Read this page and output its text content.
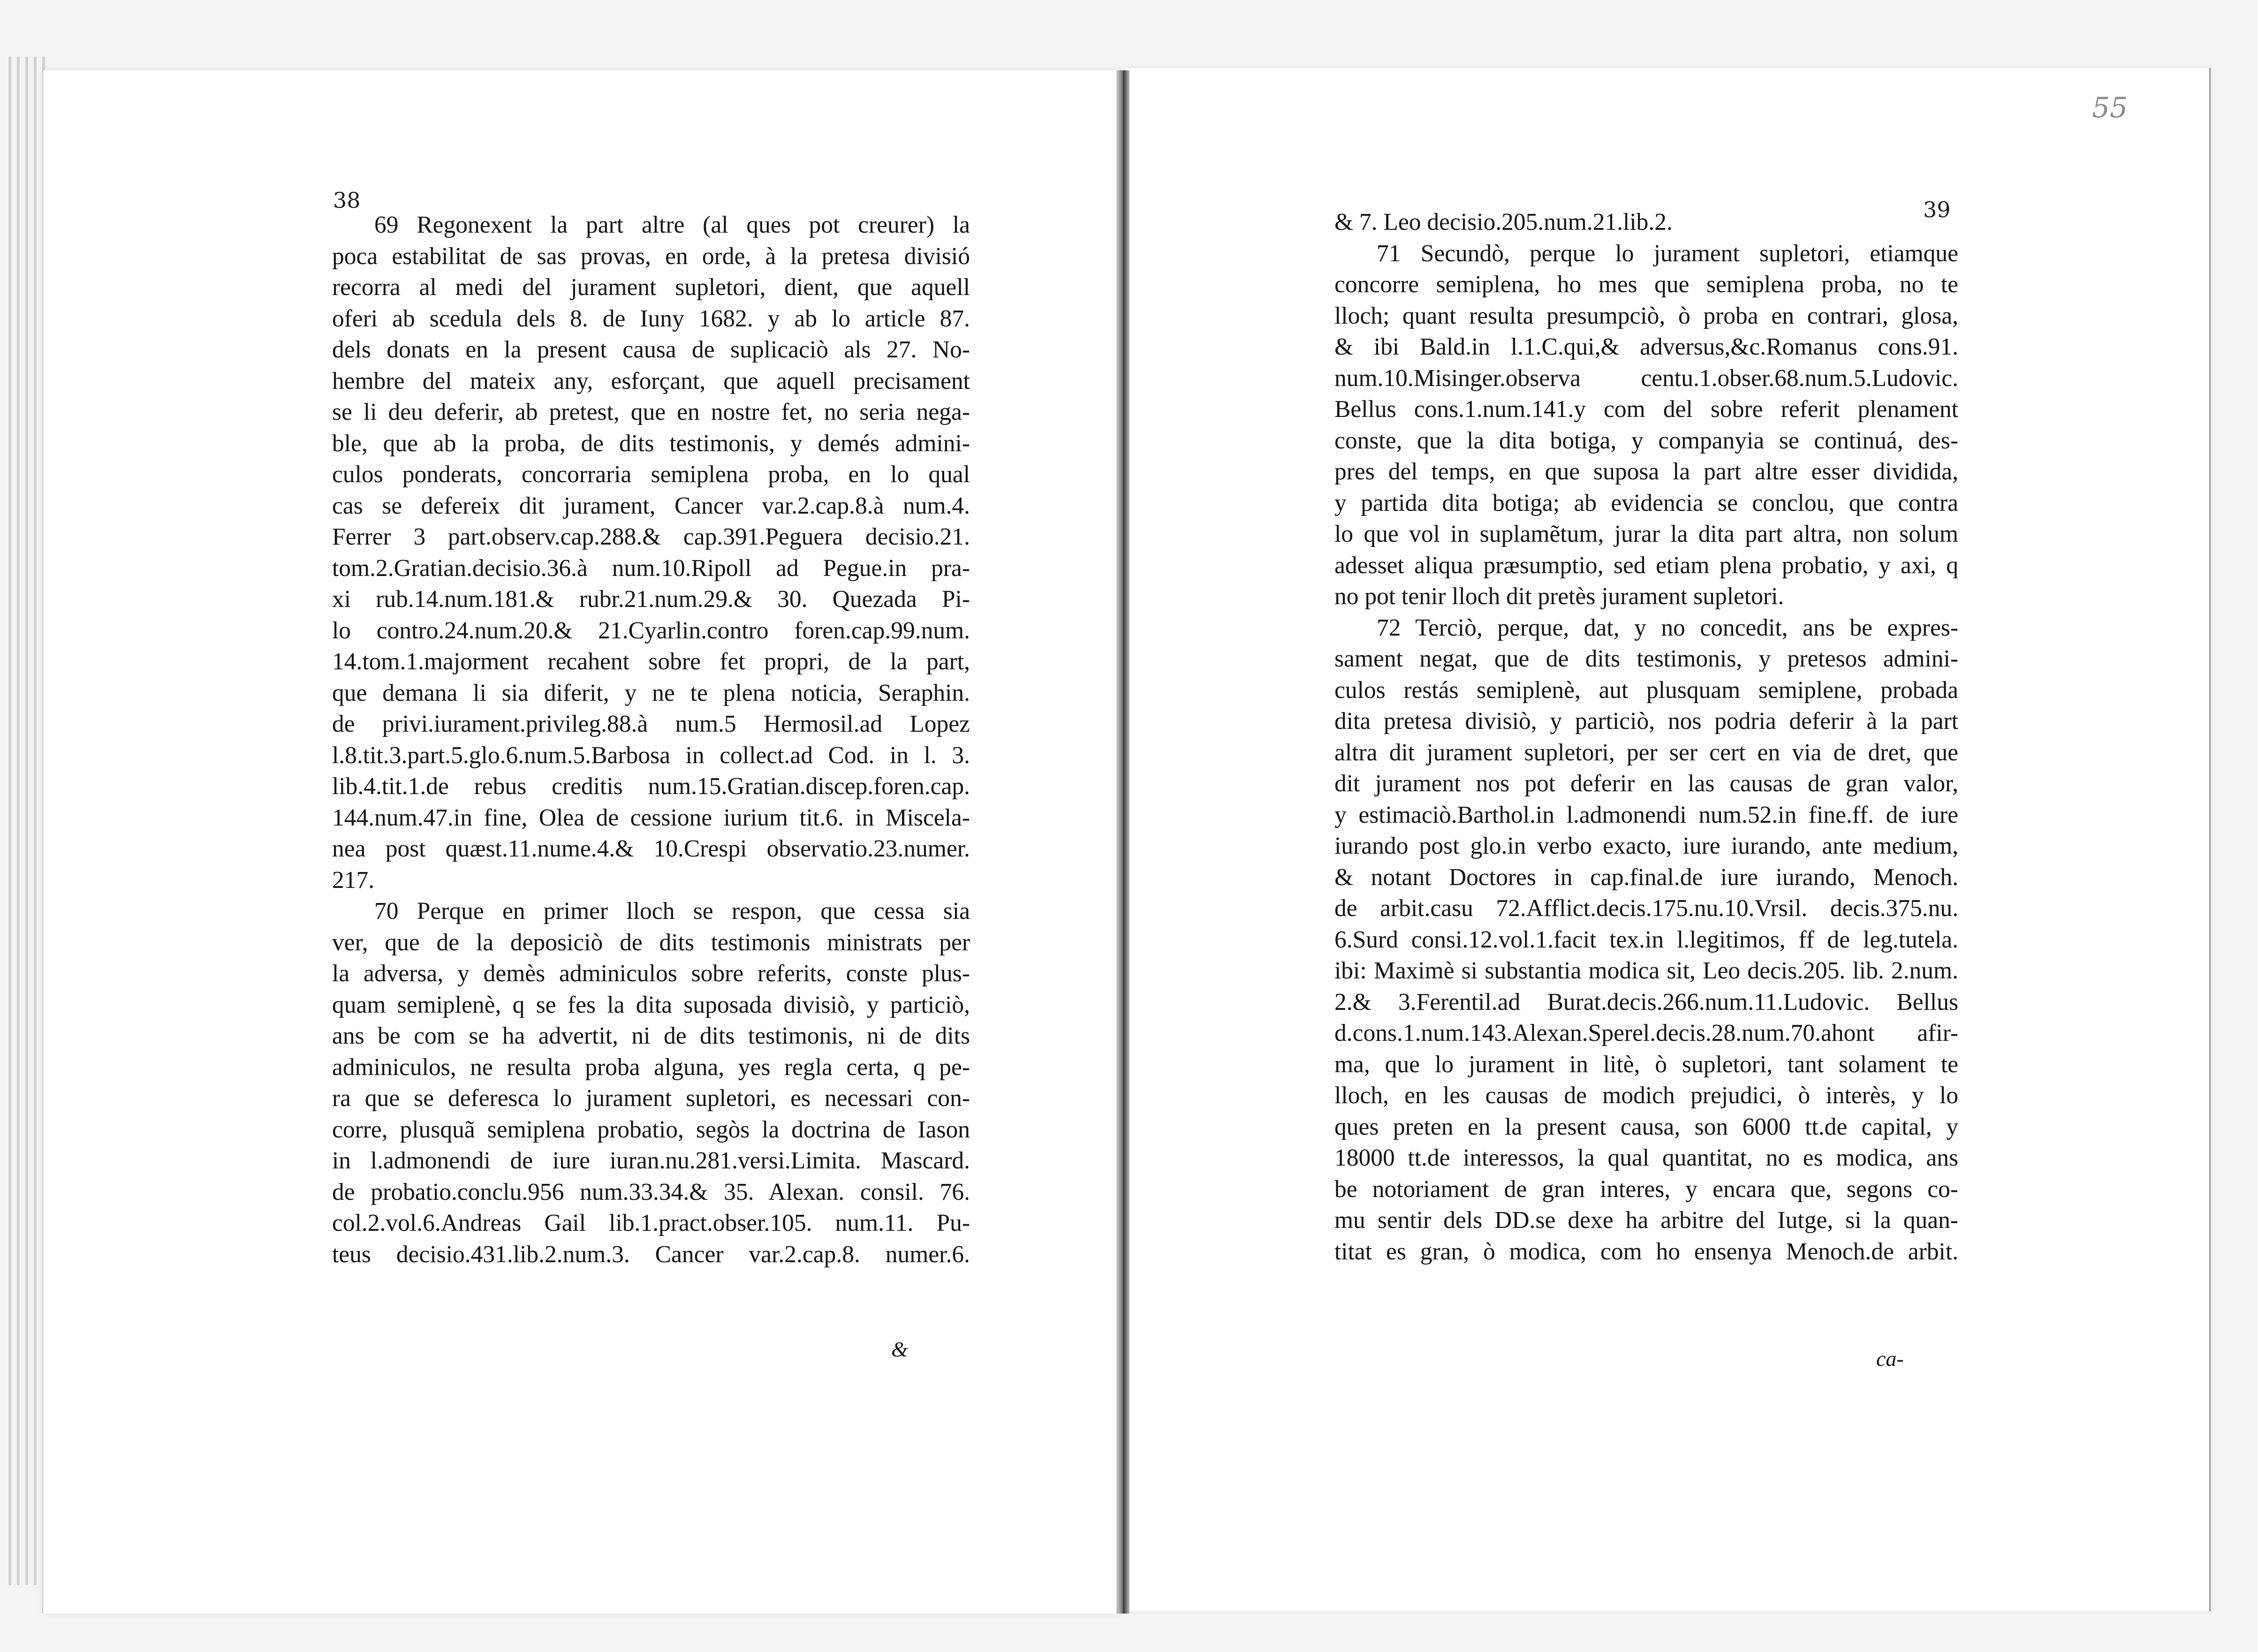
55
38	39
69 Regonexent la part altre (al ques pot creurer) la
poca estabilitat de sas provas, en orde, à la pretesa divisió
recorra al medi del jurament supletori, dient, que aquell
oferi ab scedula dels 8. de Iuny 1682. y ab lo article 87.
dels donats en la present causa de suplicaciò als 27. No-
hembre del mateix any, esforçant, que aquell precisament
se li deu deferir, ab pretest, que en nostre fet, no seria nega-
ble, que ab la proba, de dits testimonis, y demés admini-
culos ponderats, concorraria semiplena proba, en lo qual
cas se defereix dit jurament, Cancer var.2.cap.8.à num.4.
Ferrer 3 part.observ.cap.288.& cap.391.Peguera decisio.21.
tom.2.Gratian.decisio.36.à num.10.Ripoll ad Pegue.in pra-
xi rub.14.num.181.& rubr.21.num.29.& 30. Quezada Pi-
lo contro.24.num.20.& 21.Cyarlin.contro foren.cap.99.num.
14.tom.1.majorment recahent sobre fet propri, de la part,
que demana li sia diferit, y ne te plena noticia, Seraphin.
de privi.iurament.privileg.88.à num.5 Hermosil.ad Lopez
l.8.tit.3.part.5.glo.6.num.5.Barbosa in collect.ad Cod. in l. 3.
lib.4.tit.1.de rebus creditis num.15.Gratian.discep.foren.cap.
144.num.47.in fine, Olea de cessione iurium tit.6. in Miscela-
nea post quæst.11.nume.4.& 10.Crespi observatio.23.numer.
217.
70 Perque en primer lloch se respon, que cessa sia
ver, que de la deposiciò de dits testimonis ministrats per
la adversa, y demès adminiculos sobre referits, conste plus-
quam semiplenè, q se fes la dita suposada divisiò, y particiò,
ans be com se ha advertit, ni de dits testimonis, ni de dits
adminiculos, ne resulta proba alguna, yes regla certa, q pe-
ra que se deferesca lo jurament supletori, es necessari con-
corre, plusquã semiplena probatio, segòs la doctrina de Iason
in l.admonendi de iure iuran.nu.281.versi.Limita. Mascard.
de probatio.conclu.956 num.33.34.& 35. Alexan. consil. 76.
col.2.vol.6.Andreas Gail lib.1.pract.obser.105. num.11. Pu-
teus decisio.431.lib.2.num.3. Cancer var.2.cap.8. numer.6.
& 7. Leo decisio.205.num.21.lib.2.
71 Secundò, perque lo jurament supletori, etiamque
concorre semiplena, ho mes que semiplena proba, no te
lloch; quant resulta presumpciò, ò proba en contrari, glosa,
& ibi Bald.in l.1.C.qui,& adversus,&c.Romanus cons.91.
num.10.Misinger.observa centu.1.obser.68.num.5.Ludovic.
Bellus cons.1.num.141.y com del sobre referit plenament
conste, que la dita botiga, y companyia se continuá, des-
pres del temps, en que suposa la part altre esser dividida,
y partida dita botiga; ab evidencia se conclou, que contra
lo que vol in suplamẽtum, jurar la dita part altra, non solum
adesset aliqua præsumptio, sed etiam plena probatio, y axi, q
no pot tenir lloch dit pretès jurament supletori.
72 Terciò, perque, dat, y no concedit, ans be expres-
sament negat, que de dits testimonis, y pretesos admini-
culos restás semiplenè, aut plusquam semiplene, probada
dita pretesa divisiò, y particiò, nos podria deferir à la part
altra dit jurament supletori, per ser cert en via de dret, que
dit jurament nos pot deferir en las causas de gran valor,
y estimaciò.Barthol.in l.admonendi num.52.in fine.ff. de iure
iurando post glo.in verbo exacto, iure iurando, ante medium,
& notant Doctores in cap.final.de iure iurando, Menoch.
de arbit.casu 72.Afflict.decis.175.nu.10.Vrsil. decis.375.nu.
6.Surd consi.12.vol.1.facit tex.in l.legitimos, ff de leg.tutela.
ibi: Maximè si substantia modica sit, Leo decis.205. lib. 2.num.
2.& 3.Ferentil.ad Burat.decis.266.num.11.Ludovic. Bellus
d.cons.1.num.143.Alexan.Sperel.decis.28.num.70.ahont afir-
ma, que lo jurament in litè, ò supletori, tant solament te
lloch, en les causas de modich prejudici, ò interès, y lo
ques preten en la present causa, son 6000 tt.de capital, y
18000 tt.de interessos, la qual quantitat, no es modica, ans
be notoriament de gran interes, y encara que, segons co-
mu sentir dels DD.se dexe ha arbitre del Iutge, si la quan-
titat es gran, ò modica, com ho ensenya Menoch.de arbit.
&	ca-
